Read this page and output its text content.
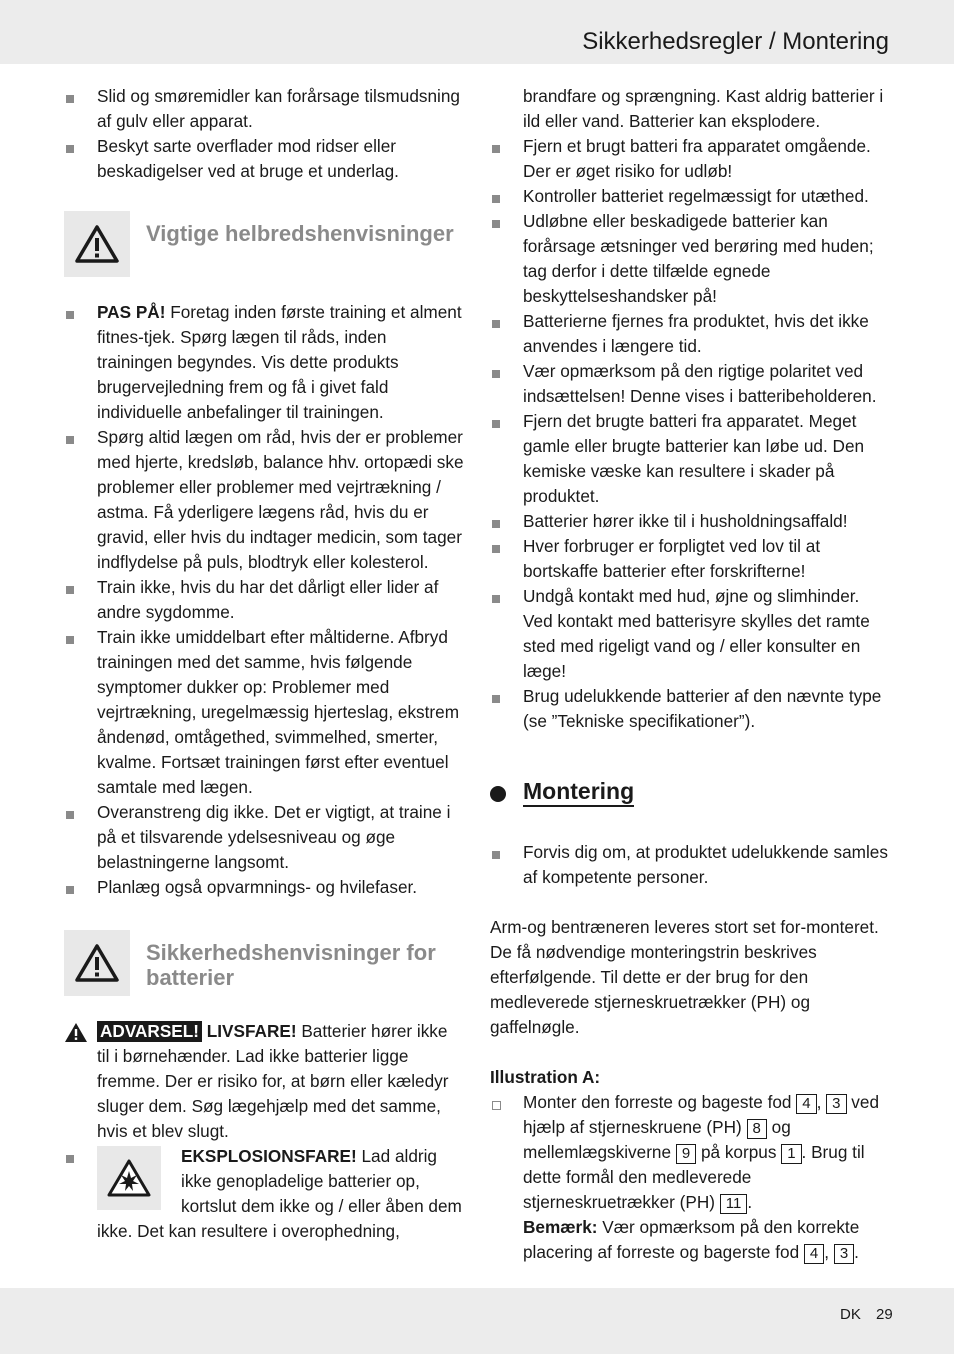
Sikkerhedsregler / Montering
Slid og smøremidler kan forårsage tilsmudsning af gulv eller apparat.
Beskyt sarte overflader mod ridser eller beskadigelser ved at bruge et underlag.
Vigtige helbredshenvisninger
PAS PÅ! Foretag inden første training et alment fitnes-tjek. Spørg lægen til råds, inden trainingen begyndes. Vis dette produkts brugervejledning frem og få i givet fald individuelle anbefalinger til trainingen.
Spørg altid lægen om råd, hvis der er problemer med hjerte, kredsløb, balance hhv. ortopædi ske problemer eller problemer med vejrtrækning / astma. Få yderligere lægens råd, hvis du er gravid, eller hvis du indtager medicin, som tager indflydelse på puls, blodtryk eller kolesterol.
Train ikke, hvis du har det dårligt eller lider af andre sygdomme.
Train ikke umiddelbart efter måltiderne. Afbryd trainingen med det samme, hvis følgende symptomer dukker op: Problemer med vejrtrækning, uregelmæssig hjerteslag, ekstrem åndenød, omtågethed, svimmelhed, smerter, kvalme. Fortsæt trainingen først efter eventuel samtale med lægen.
Overanstreng dig ikke. Det er vigtigt, at traine i på et tilsvarende ydelsesniveau og øge belastningerne langsomt.
Planlæg også opvarmnings- og hvilefaser.
Sikkerhedshenvisninger for batterier
ADVARSEL! LIVSFARE! Batterier hører ikke til i børnehænder. Lad ikke batterier ligge fremme. Der er risiko for, at børn eller kæledyr sluger dem. Søg lægehjælp med det samme, hvis et blev slugt.
EKSPLOSIONSFARE! Lad aldrig ikke genopladelige batterier op, kortslut dem ikke og / eller åben dem ikke. Det kan resultere i overophedning,

brandfare og sprængning. Kast aldrig batterier i ild eller vand. Batterier kan eksplodere.

Fjern et brugt batteri fra apparatet omgående. Der er øget risiko for udløb!
Kontroller batteriet regelmæssigt for utæthed.
Udløbne eller beskadigede batterier kan forårsage ætsninger ved berøring med huden; tag derfor i dette tilfælde egnede beskyttelseshandsker på!
Batterierne fjernes fra produktet, hvis det ikke anvendes i længere tid.
Vær opmærksom på den rigtige polaritet ved indsættelsen! Denne vises i batteribeholderen.
Fjern det brugte batteri fra apparatet. Meget gamle eller brugte batterier kan løbe ud. Den kemiske væske kan resultere i skader på produktet.
Batterier hører ikke til i husholdningsaffald!
Hver forbruger er forpligtet ved lov til at bortskaffe batterier efter forskrifterne!
Undgå kontakt med hud, øjne og slimhinder. Ved kontakt med batterisyre skylles det ramte sted med rigeligt vand og / eller konsulter en læge!
Brug udelukkende batterier af den nævnte type (se ”Tekniske specifikationer”).
Montering
Forvis dig om, at produktet udelukkende samles af kompetente personer.

Arm-og bentræneren leveres stort set for-monteret. De få nødvendige monteringstrin beskrives efterfølgende. Til dette er der brug for den medleverede stjerneskruetrækker (PH) og gaffelnøgle.

Illustration A:

Monter den forreste og bageste fod 4 , 3 ved hjælp af stjerneskruene (PH) 8 og mellemlægskiverne 9 på korpus 1 . Brug til dette formål den medleverede stjerneskruetrækker (PH) 11 .
Bemærk: Vær opmærksom på den korrekte placering af forreste og bagerste fod 4 , 3 .
DK 29
